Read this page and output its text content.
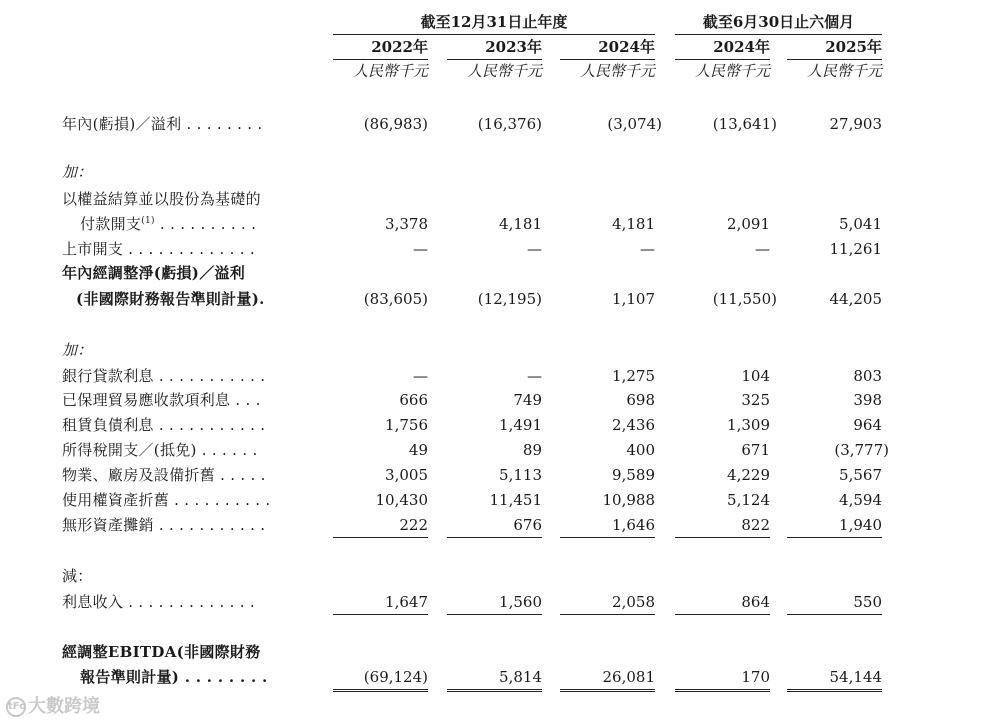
截至12月31日止年度	截至6月30日止六個月
2022年	2023年	2024年	2024年	2025年
人民幣千元	人民幣千元	人民幣千元	人民幣千元	人民幣千元
年內(虧損)／溢利 . . . . . . . .	(86,983)	(16,376)	(3,074)	(13,641)	27,903
加：
以權益結算並以股份為基礎的
付款開支$^{(1)}$ . . . . . . . . . .	3,378	4,181	4,181	2,091	5,041
上市開支 . . . . . . . . . . . . .	—	—	—	—	11,261
年內經調整淨(虧損)／溢利
(非國際財務報告準則計量).	(83,605)	(12,195)	1,107	(11,550)	44,205
加：
銀行貸款利息 . . . . . . . . . . .	—	—	1,275	104	803
已保理貿易應收款項利息 . . .	666	749	698	325	398
租賃負債利息 . . . . . . . . . . .	1,756	1,491	2,436	1,309	964
所得稅開支／(抵免) . . . . . .	49	89	400	671	(3,777)
物業、廠房及設備折舊 . . . . .	3,005	5,113	9,589	4,229	5,567
使用權資產折舊 . . . . . . . . . .	10,430	11,451	10,988	5,124	4,594
無形資產攤銷 . . . . . . . . . . .	222	676	1,646	822	1,940
減：
利息收入 . . . . . . . . . . . . .	1,647	1,560	2,058	864	550
經調整EBITDA(非國際財務
報告準則計量) . . . . . . . .	(69,124)	5,814	26,081	170	54,144
tFo 大數跨境
